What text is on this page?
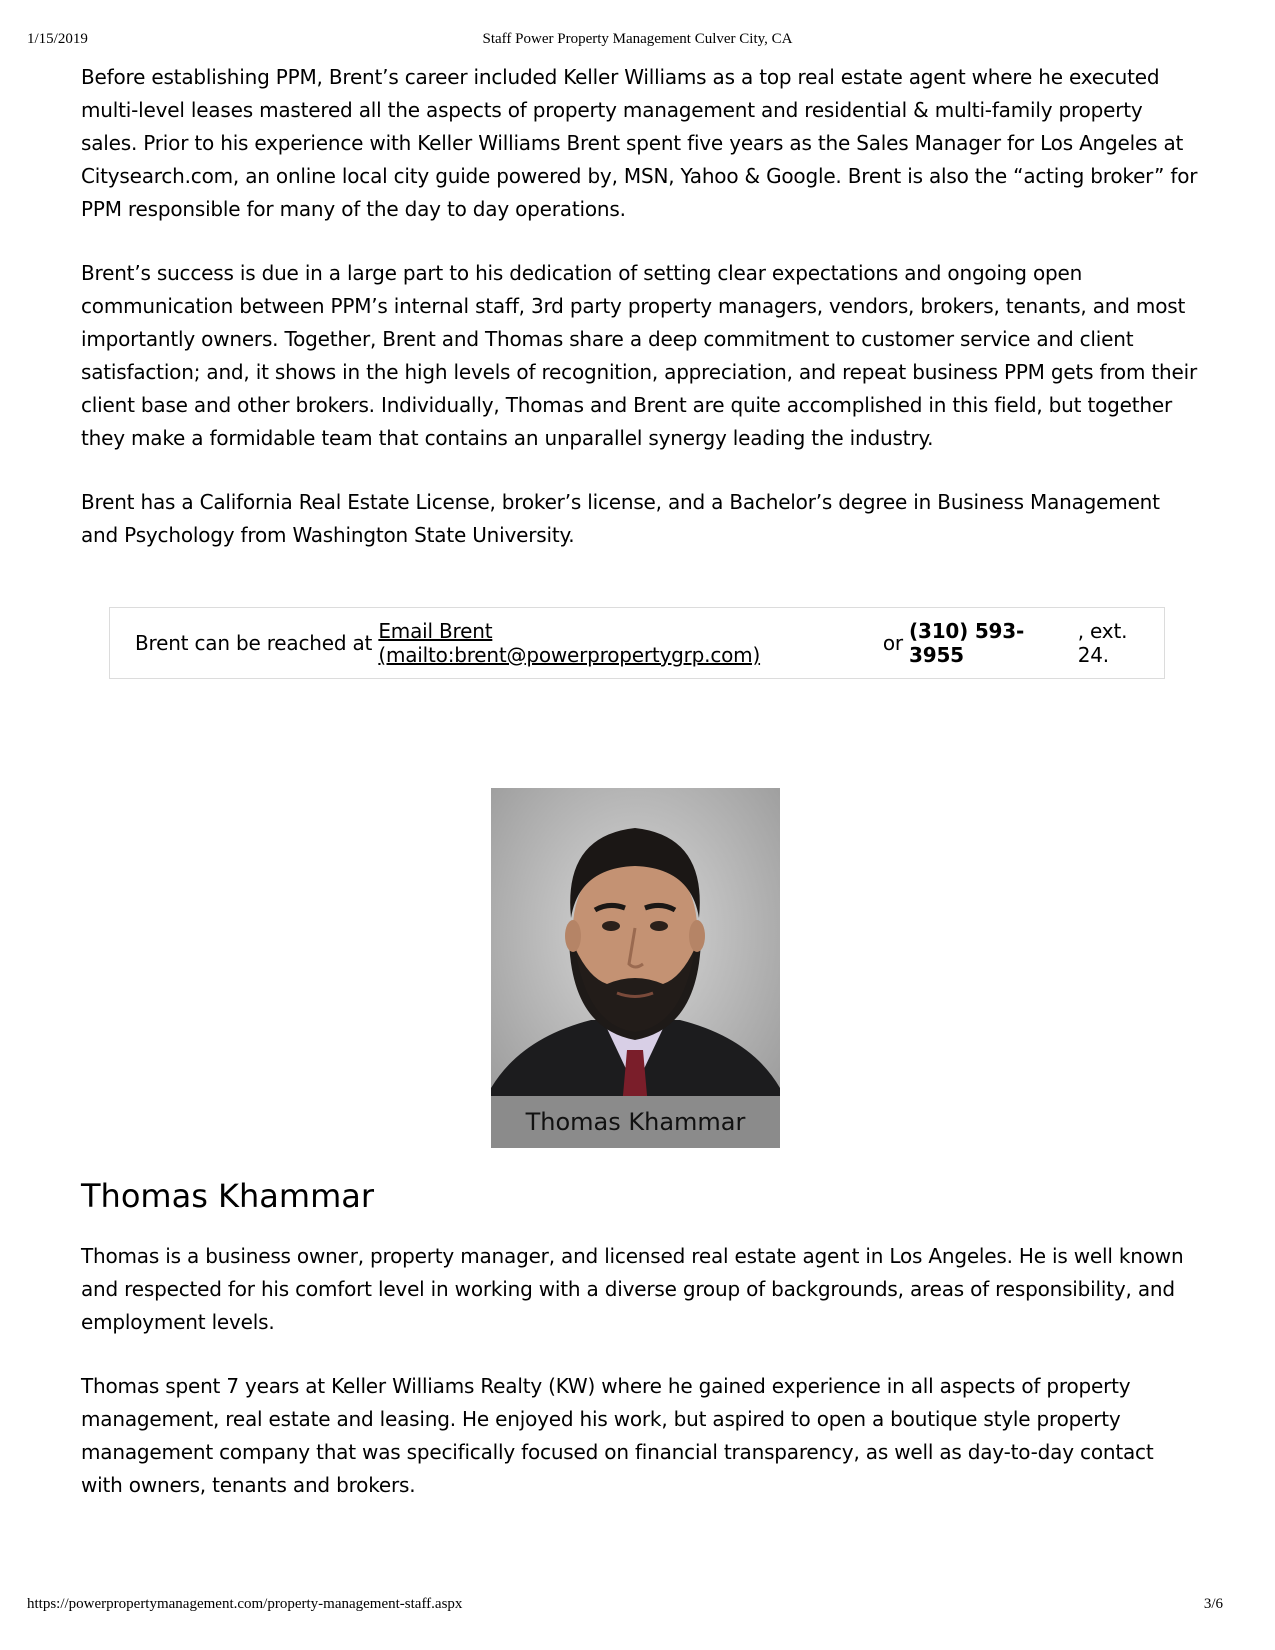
1/15/2019	Staff Power Property Management Culver City, CA

Before establishing PPM, Brent’s career included Keller Williams as a top real estate agent where he executed multi-level leases mastered all the aspects of property management and residential & multi-family property sales. Prior to his experience with Keller Williams Brent spent five years as the Sales Manager for Los Angeles at Citysearch.com, an online local city guide powered by, MSN, Yahoo & Google. Brent is also the “acting broker” for PPM responsible for many of the day to day operations.

Brent’s success is due in a large part to his dedication of setting clear expectations and ongoing open communication between PPM’s internal staff, 3rd party property managers, vendors, brokers, tenants, and most importantly owners. Together, Brent and Thomas share a deep commitment to customer service and client satisfaction; and, it shows in the high levels of recognition, appreciation, and repeat business PPM gets from their client base and other brokers. Individually, Thomas and Brent are quite accomplished in this field, but together they make a formidable team that contains an unparallel synergy leading the industry.

Brent has a California Real Estate License, broker’s license, and a Bachelor’s degree in Business Management and Psychology from Washington State University.

Brent can be reached at Email Brent (mailto:brent@powerpropertygrp.com)	or (310) 593-3955
, ext. 24.
Thomas Khammar
Thomas Khammar

Thomas is a business owner, property manager, and licensed real estate agent in Los Angeles. He is well known and respected for his comfort level in working with a diverse group of backgrounds, areas of responsibility, and employment levels.

Thomas spent 7 years at Keller Williams Realty (KW) where he gained experience in all aspects of property management, real estate and leasing. He enjoyed his work, but aspired to open a boutique style property management company that was specifically focused on financial transparency, as well as day-to-day contact with owners, tenants and brokers.

https://powerpropertymanagement.com/property-management-staff.aspx	3/6
